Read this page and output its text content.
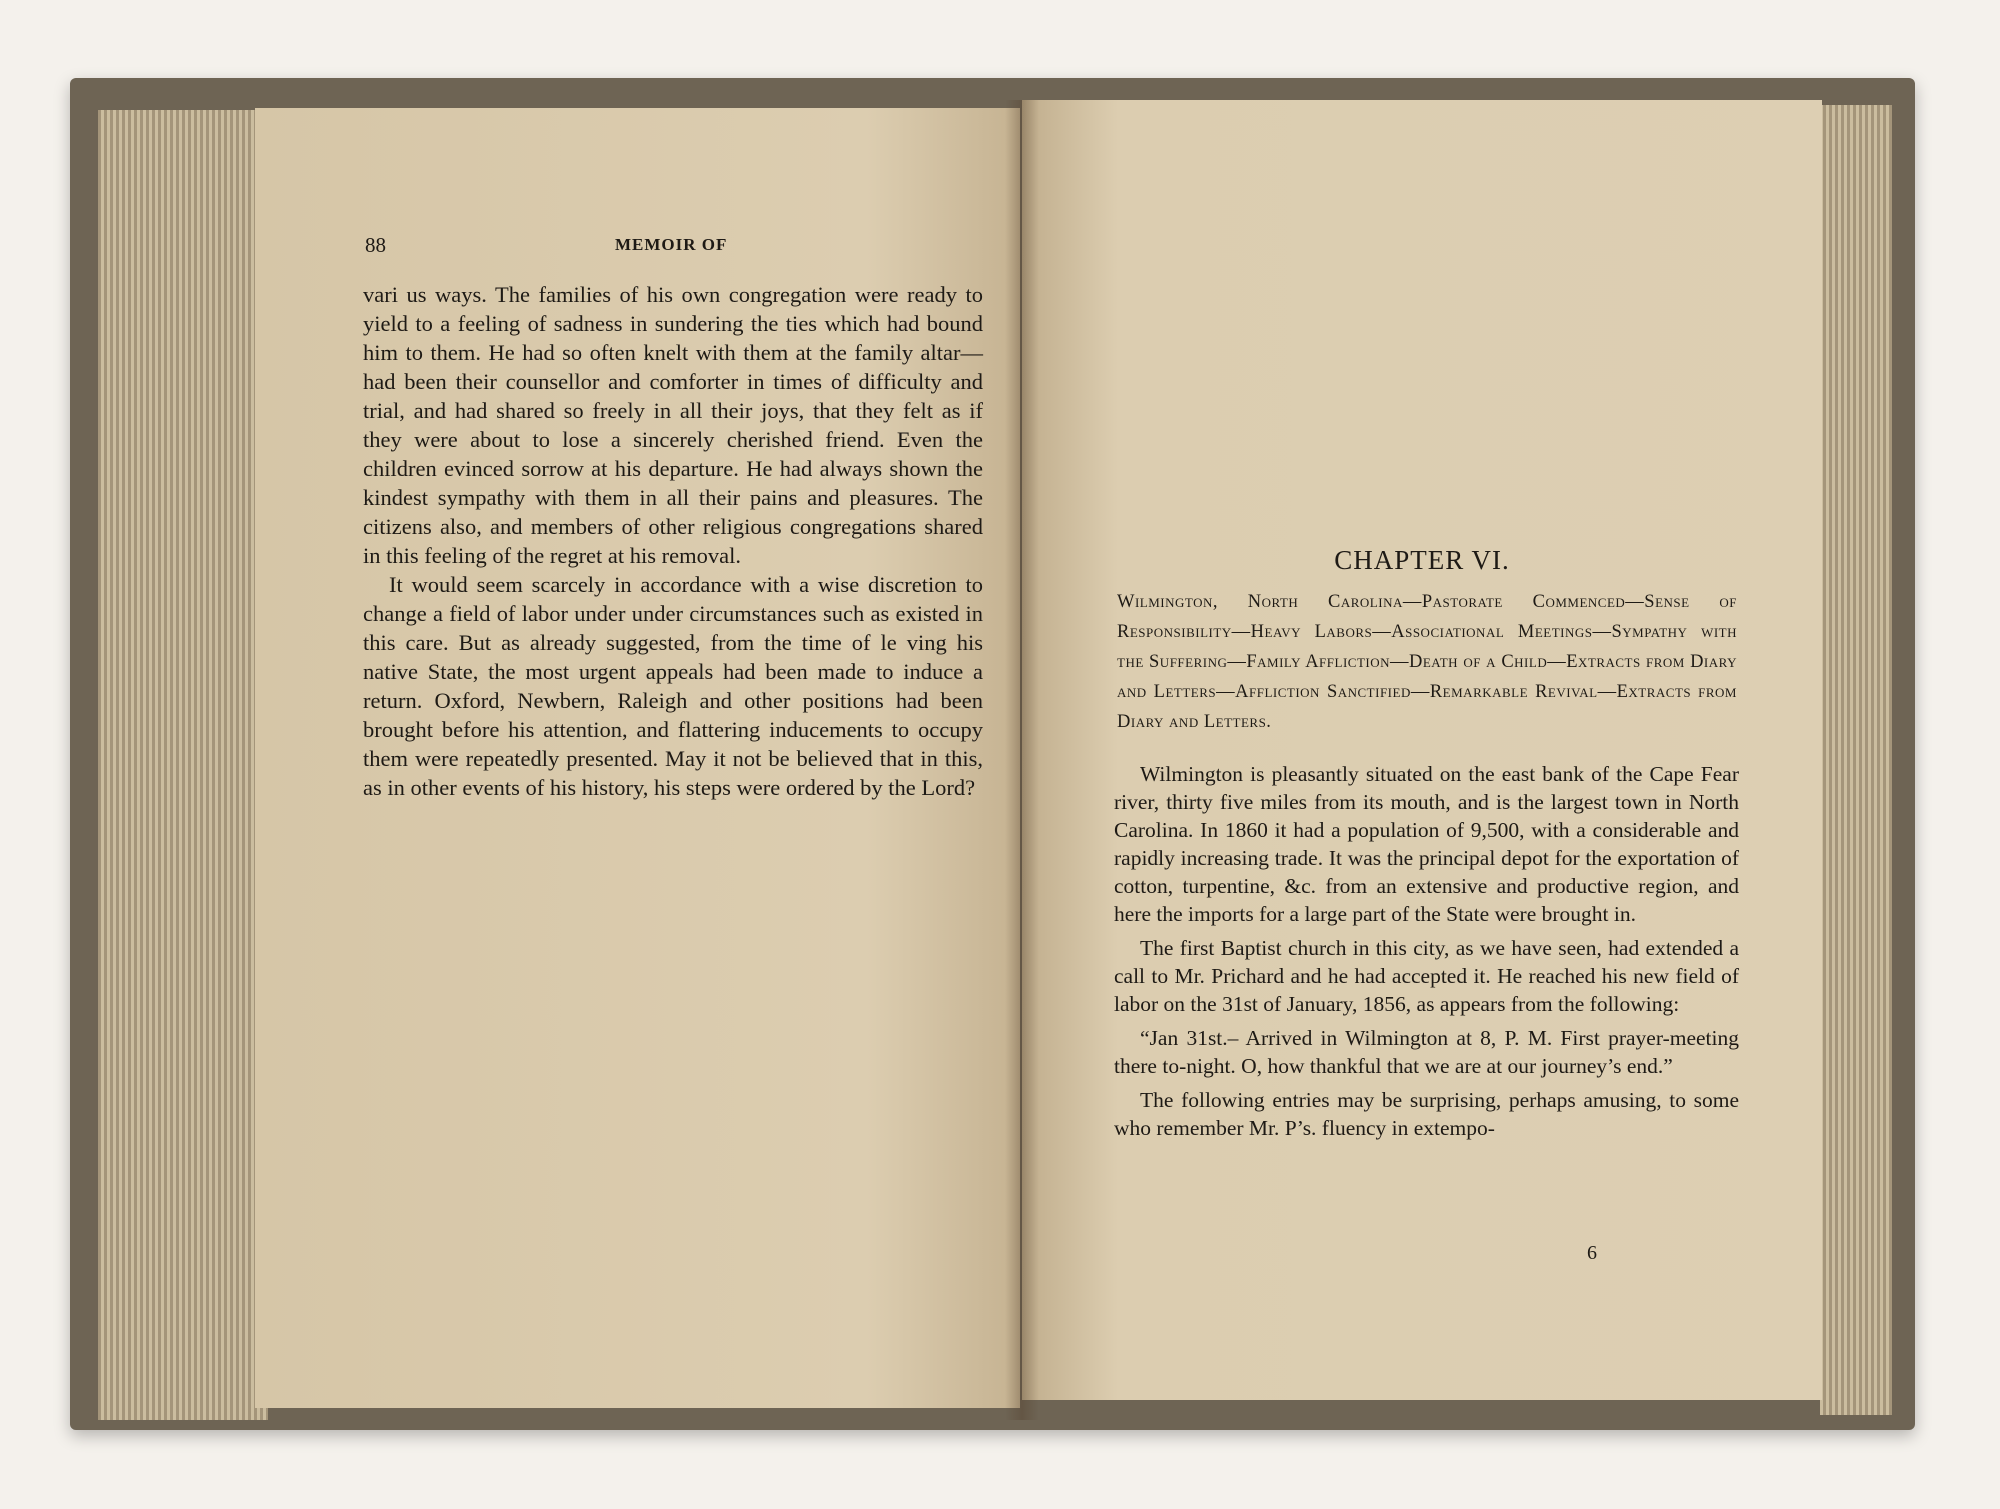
88	MEMOIR OF

vari us ways. The families of his own congregation were ready to yield to a feeling of sadness in sundering the ties which had bound him to them. He had so often knelt with them at the family altar—had been their counsellor and comforter in times of difficulty and trial, and had shared so freely in all their joys, that they felt as if they were about to lose a sincerely cherished friend. Even the children evinced sorrow at his departure. He had always shown the kindest sympathy with them in all their pains and pleasures. The citizens also, and members of other religious congregations shared in this feeling of the regret at his removal.

It would seem scarcely in accordance with a wise discretion to change a field of labor under under circumstances such as existed in this care. But as already suggested, from the time of le ving his native State, the most urgent appeals had been made to induce a return. Oxford, Newbern, Raleigh and other positions had been brought before his attention, and flattering inducements to occupy them were repeatedly presented. May it not be believed that in this, as in other events of his history, his steps were ordered by the Lord?

CHAPTER VI.
Wilmington, North Carolina—Pastorate Commenced—Sense of Responsibility—Heavy Labors—Associational Meetings—Sympathy with the Suffering—Family Affliction—Death of a Child—Extracts from Diary and Letters—Affliction Sanctified—Remarkable Revival—Extracts from Diary and Letters.

Wilmington is pleasantly situated on the east bank of the Cape Fear river, thirty five miles from its mouth, and is the largest town in North Carolina. In 1860 it had a population of 9,500, with a considerable and rapidly increasing trade. It was the principal depot for the exportation of cotton, turpentine, &c. from an extensive and productive region, and here the imports for a large part of the State were brought in.

The first Baptist church in this city, as we have seen, had extended a call to Mr. Prichard and he had accepted it. He reached his new field of labor on the 31st of January, 1856, as appears from the following:

“Jan 31st.– Arrived in Wilmington at 8, P. M. First prayer-meeting there to-night. O, how thankful that we are at our journey’s end.”

The following entries may be surprising, perhaps amusing, to some who remember Mr. P’s. fluency in extempo-

6
